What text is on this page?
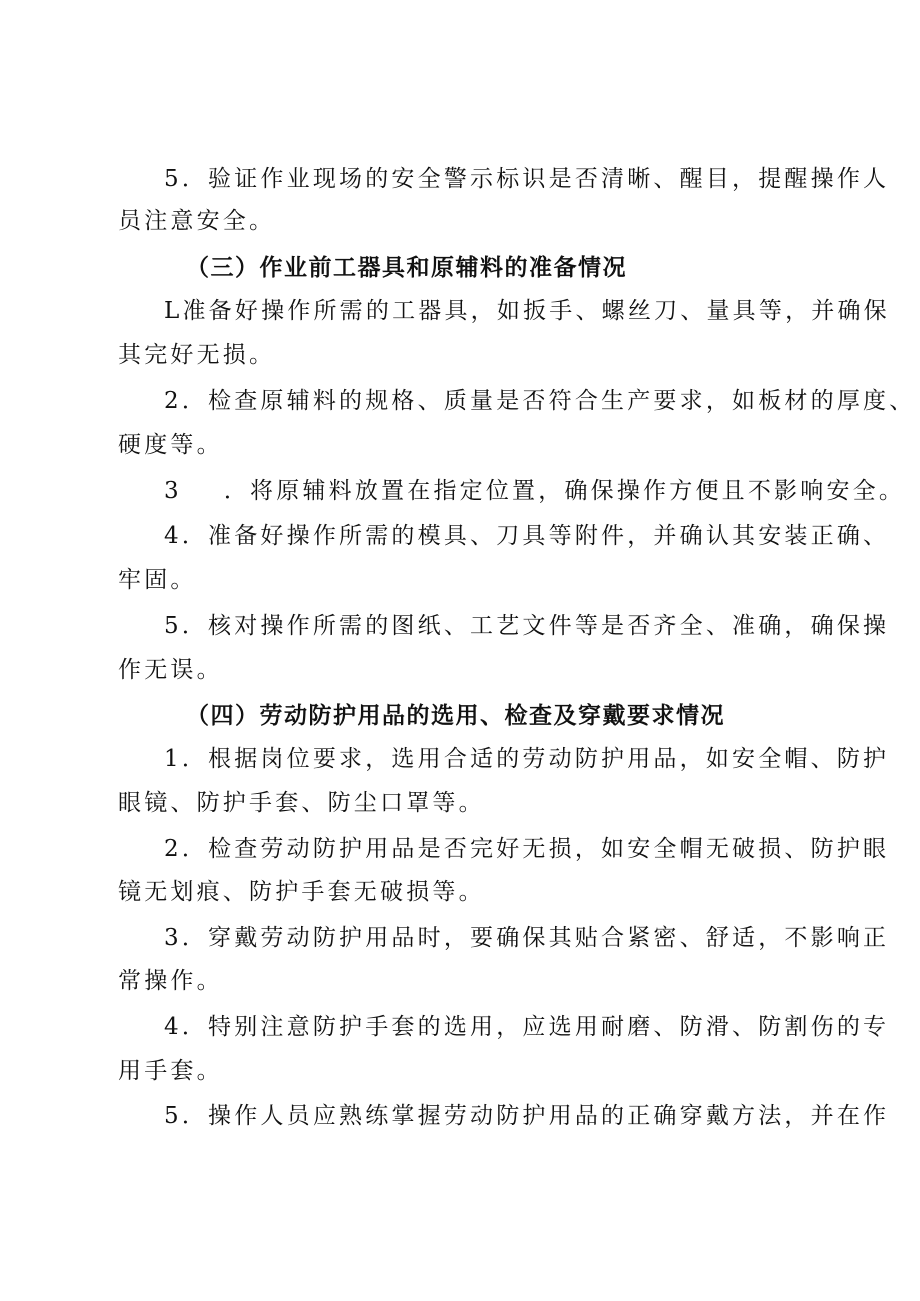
5．验证作业现场的安全警示标识是否清晰、醒目，提醒操作人
员注意安全。
（三）作业前工器具和原辅料的准备情况
L准备好操作所需的工器具，如扳手、螺丝刀、量具等，并确保
其完好无损。
2．检查原辅料的规格、质量是否符合生产要求，如板材的厚度、
硬度等。
3 ．将原辅料放置在指定位置，确保操作方便且不影响安全。
4．准备好操作所需的模具、刀具等附件，并确认其安装正确、
牢固。
5．核对操作所需的图纸、工艺文件等是否齐全、准确，确保操
作无误。
（四）劳动防护用品的选用、检查及穿戴要求情况
1．根据岗位要求，选用合适的劳动防护用品，如安全帽、防护
眼镜、防护手套、防尘口罩等。
2．检查劳动防护用品是否完好无损，如安全帽无破损、防护眼
镜无划痕、防护手套无破损等。
3．穿戴劳动防护用品时，要确保其贴合紧密、舒适，不影响正
常操作。
4．特别注意防护手套的选用，应选用耐磨、防滑、防割伤的专
用手套。
5．操作人员应熟练掌握劳动防护用品的正确穿戴方法，并在作
